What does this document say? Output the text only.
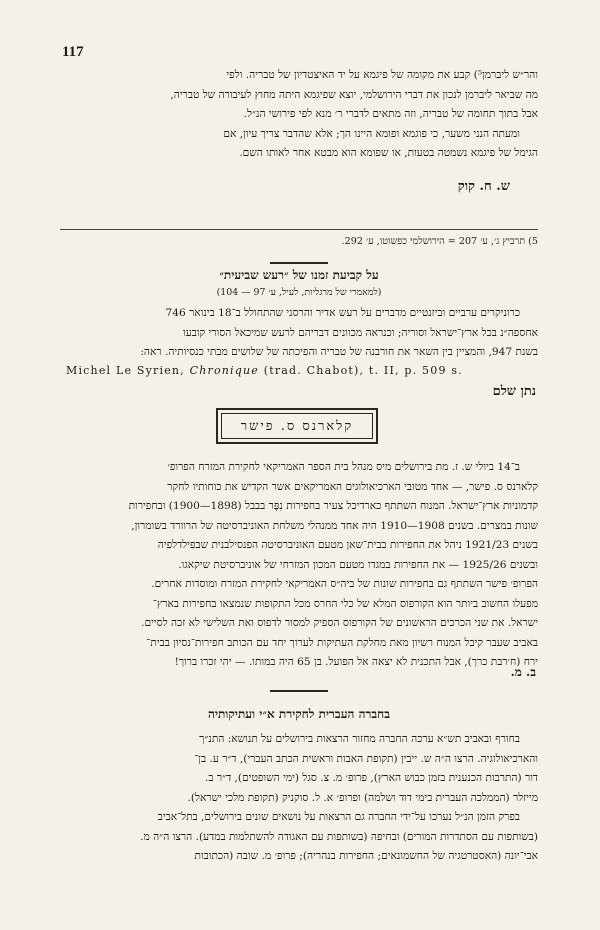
117

והר״ש ליברמן⁵) קבע את מקומה של פיגמא על יד האיצטדיון של טבריה. ולפי

מה שביאר ליברמן לנכון את דברי הירושלמי, יוצא שפיגמא היתה מחוץ לעיבורה של טבריה,

אבל בתוך תחומה של טבריה, וזה מתאים לדברי ר׳ מנא לפי פירושי הנ״ל.

ומעתה הנני משער, כי פוגמא ופומא היינו הך; אלא שהדבר צריך עיון, אם

הגימל של פיגמא נשמטה בטעות, או שפומא הוא מבטא אחר לאותו השם.

ש. ח. קוק
5) תרביץ ג׳, ע׳ 207 = הירושלמי כפשוטו, ע׳ 292.
על קביעת זמנו של ״רעש שביעית״
(למאמרי של מרגליות, לעיל, ע׳ 97 — 104)

כרוניקרים ערביים וביזנטיים מדברים על רעש אדיר והרסני שהתחולל ב־18 בינואר 746

אחספה״נ בכל ארץ־ישראל וסוריה; וכנראה מכוונים דבריהם לרעש שמיכאל הסורי קובעו

בשנת 947, והמציין בין השאר את חורבנה של טבריה והפיכתה של שלושים מבתי כנסיותיה. ראה:

Michel Le Syrien, Chronique (trad. Chabot), t. II, p. 509 s.
נתן שלם
קלארנס ס. פישר

ב־14 ביולי ש. ז. מת בירושלים מיס מנהל בית הספר האמריקאי לחקירת המזרח הפרופ׳

קלארנס ס. פישר, — אחד מטובי הארכיאולוגים האמריקאים אשר הקדיש את כוחותיו לחקר

קדמוניות ארץ־ישראל. המנוח השתתף כארדיכל צעיר בחפירות נִפֶּר בבבל (1898—1900) ובחפירות

שונות במצרים. בשנים 1908—1910 היה אחד ממנהלי משלחת האוניברסיטה של הרוורד בשומרון,

בשנים 1921/23 ניהל את החפירות בבית־שאן מטעם האוניברסיטה הפנסילבנית שבפילדלפיה

ובשנים 1925/26 — את החפירות במגדו מטעם המכון המזרחי של אוניברסיטת שיקאגו.

הפרופ׳ פישר השתתף גם בחפירות שונות של ביה״ס האמריקאי לחקירת המזרח ומוסדות אחרים.

מפעלו החשוב ביותר הוא הקורפוס המלא של כלי החרס מכל התקופות שנמצאו בחפירות בארץ־

ישראל. את שני הכרכים הראשונים של הקורפוס הספיק למסור לדפוס ואת השלישי לא זכה לסיים.

באביב שעבר קיבל המנוח רשיון מאת מחלקת העתיקות לערוך יחד עם הכותב חפירות־נסיון בבית־

ירח (ח׳רבת כרך), אבל התכנית לא יצאה אל הפועל. בן 65 היה במותו. — יהי זכרו ברוך!

ב. מ.
בחברה העברית לחקירת א״י ועתיקותיה

בחורף ובאביב תש״א ערכה החברה מחזור הרצאות בירושלים על תנושא: התנ״ך

והארכיאולוגיה. הרצו ה״ה ש. ייבין (תקופת האבות וראשית הכתב העברי), ד״ר ע. בן־

דור (התרבות הכנענית בזמן כבוש הארץ), פרופ׳ מ. צ. סגל (ימי השופטים), ד״ר ב.

מייזלר (הממלכה העברית בימי דוד ושלמה) ופרופ׳ א. ל. סוקניק (תקופת מלכי ישראל).

בפרק הזמן הנ״ל נערכו על־ידי החברה גם הרצאות על נושאים שונים בירושלים, בתל־אביב

(בשותפות עם הסתדרות המורים) ובחיפה (בשותפות עם האגודה להשתלמות במדע). הרצו ה״ה מ.

אבי־יונה (האסטרטגיה של החשמונאים; החפירות בנהריה); פרופ׳ מ. שובה (הכתובות
